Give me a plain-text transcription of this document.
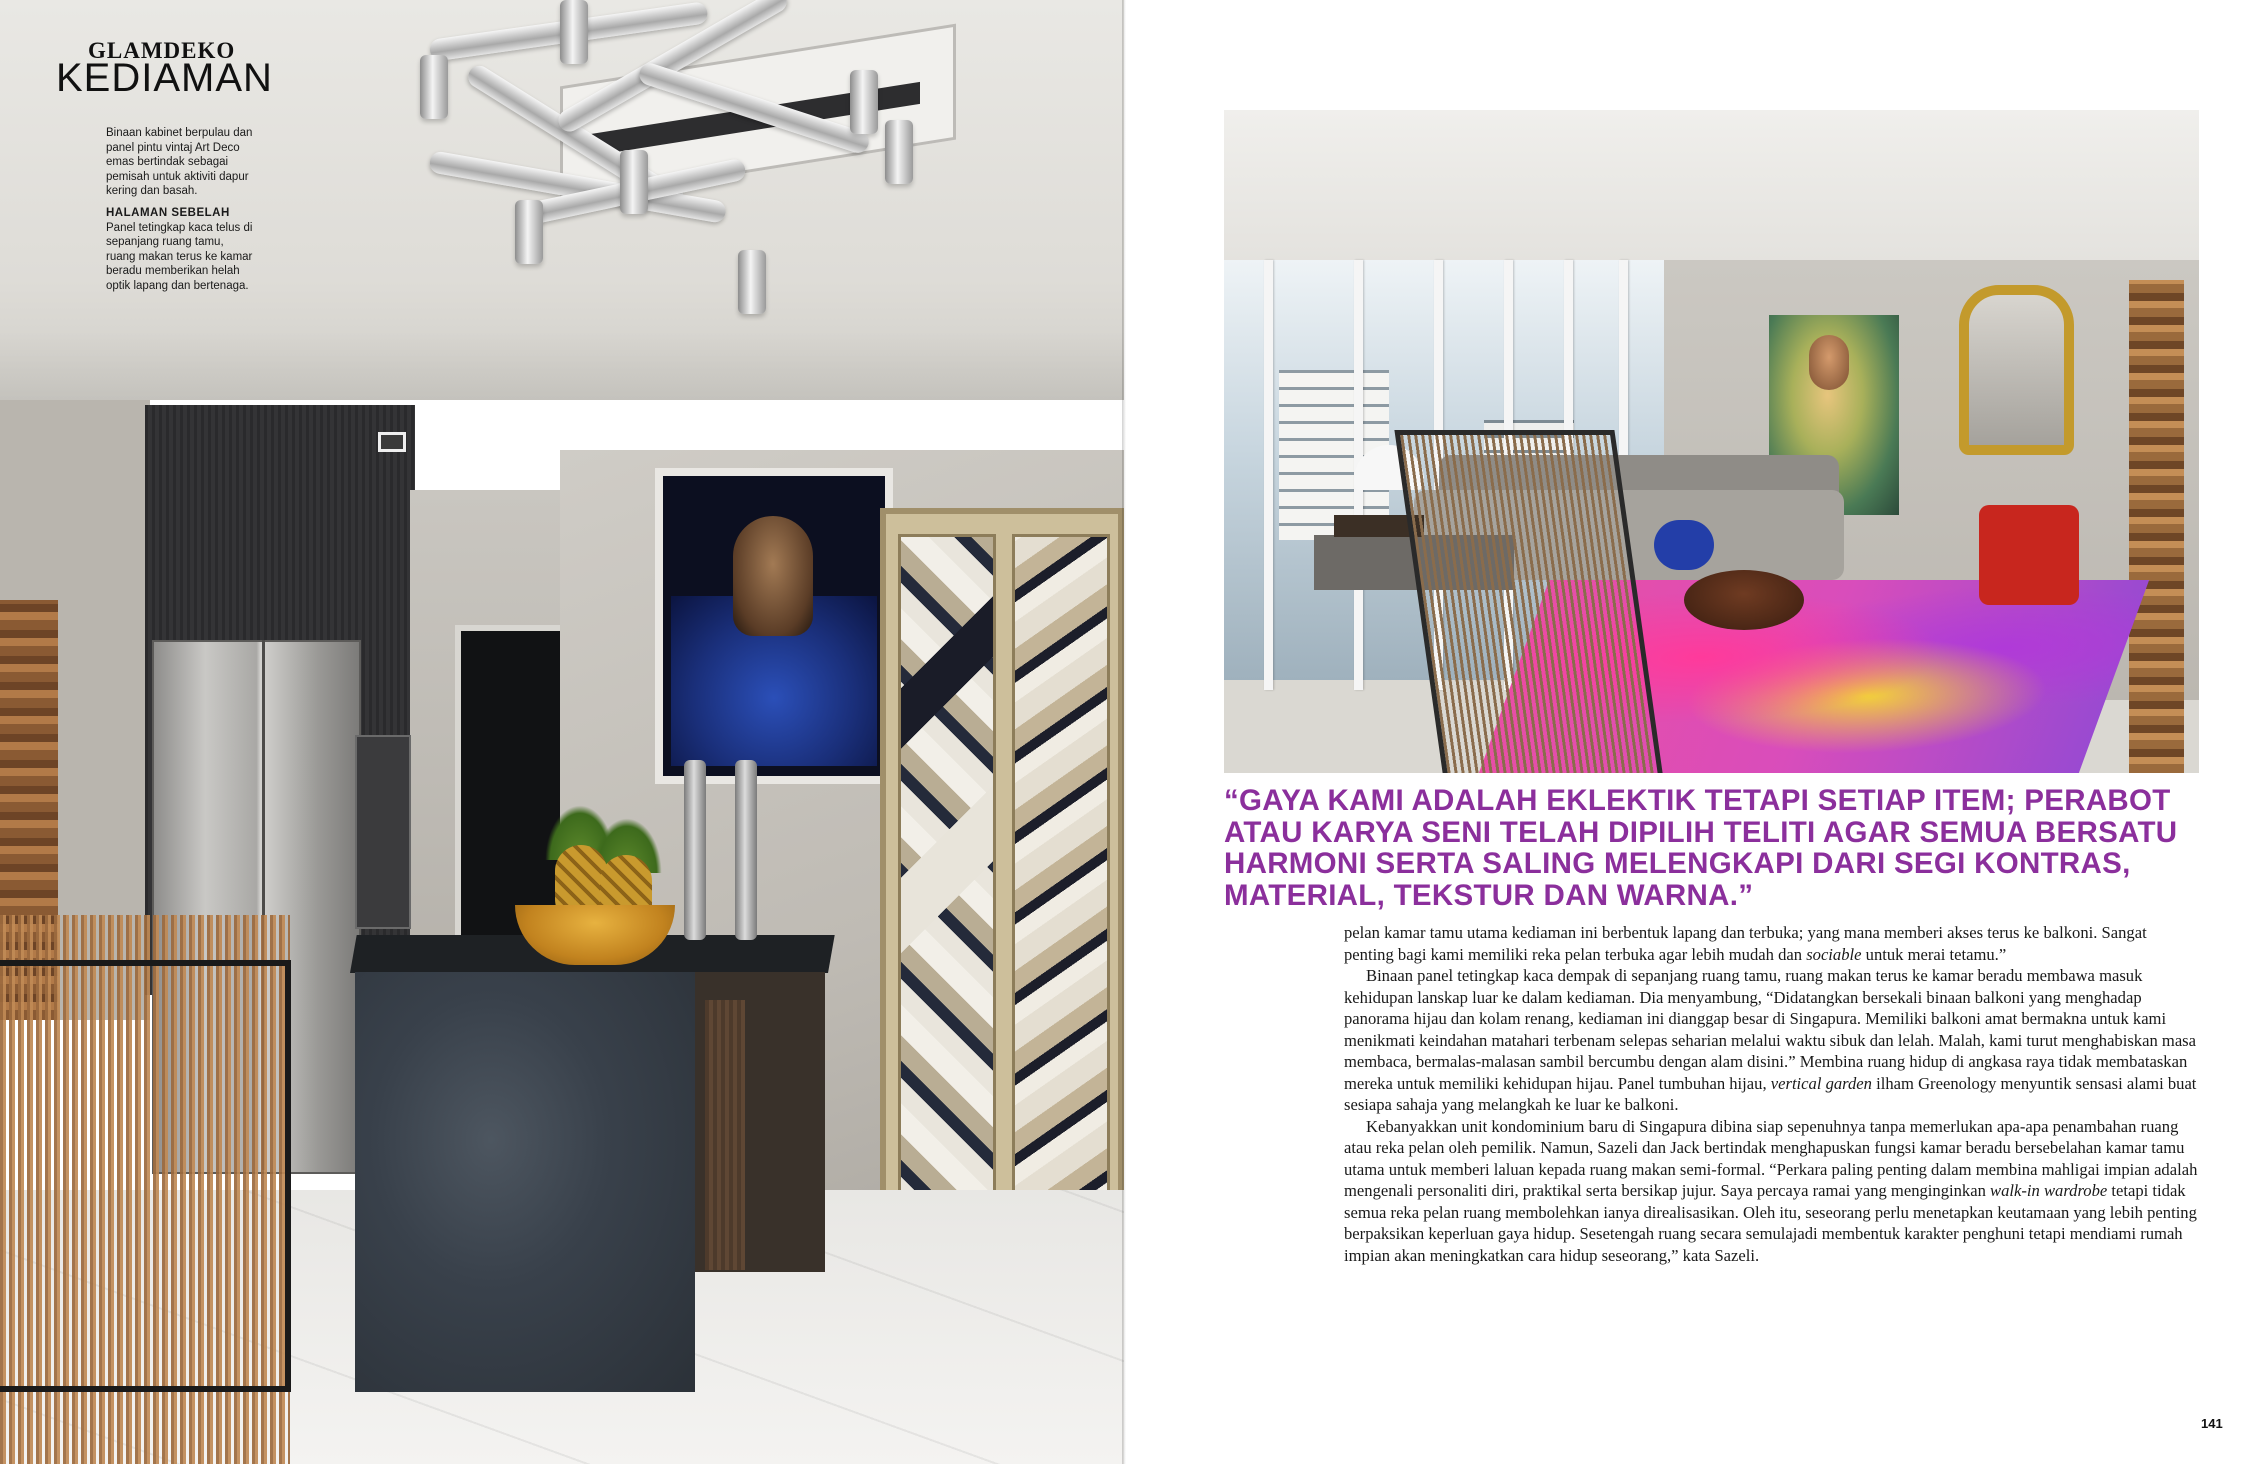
GLAMDEKO
KEDIAMAN

Binaan kabinet berpulau dan panel pintu vintaj Art Deco emas bertindak sebagai pemisah untuk aktiviti dapur kering dan basah.

HALAMAN SEBELAH
Panel tetingkap kaca telus di sepanjang ruang tamu, ruang makan terus ke kamar beradu memberikan helah optik lapang dan bertenaga.

“GAYA KAMI ADALAH EKLEKTIK TETAPI SETIAP ITEM; PERABOT ATAU KARYA SENI TELAH DIPILIH TELITI AGAR SEMUA BERSATU HARMONI SERTA SALING MELENGKAPI DARI SEGI KONTRAS, MATERIAL, TEKSTUR DAN WARNA.”

pelan kamar tamu utama kediaman ini berbentuk lapang dan terbuka; yang mana memberi akses terus ke balkoni. Sangat penting bagi kami memiliki reka pelan terbuka agar lebih mudah dan sociable untuk merai tetamu.”

Binaan panel tetingkap kaca dempak di sepanjang ruang tamu, ruang makan terus ke kamar beradu membawa masuk kehidupan lanskap luar ke dalam kediaman. Dia menyambung, “Didatangkan bersekali binaan balkoni yang menghadap panorama hijau dan kolam renang, kediaman ini dianggap besar di Singapura. Memiliki balkoni amat bermakna untuk kami menikmati keindahan matahari terbenam selepas seharian melalui waktu sibuk dan lelah. Malah, kami turut menghabiskan masa membaca, bermalas-malasan sambil bercumbu dengan alam disini.” Membina ruang hidup di angkasa raya tidak membataskan mereka untuk memiliki kehidupan hijau. Panel tumbuhan hijau, vertical garden ilham Greenology menyuntik sensasi alami buat sesiapa sahaja yang melangkah ke luar ke balkoni.

Kebanyakkan unit kondominium baru di Singapura dibina siap sepenuhnya tanpa memerlukan apa-apa penambahan ruang atau reka pelan oleh pemilik. Namun, Sazeli dan Jack bertindak menghapuskan fungsi kamar beradu bersebelahan kamar tamu utama untuk memberi laluan kepada ruang makan semi-formal. “Perkara paling penting dalam membina mahligai impian adalah mengenali personaliti diri, praktikal serta bersikap jujur. Saya percaya ramai yang menginginkan walk-in wardrobe tetapi tidak semua reka pelan ruang membolehkan ianya direalisasikan. Oleh itu, seseorang perlu menetapkan keutamaan yang lebih penting berpaksikan keperluan gaya hidup. Sesetengah ruang secara semulajadi membentuk karakter penghuni tetapi mendiami rumah impian akan meningkatkan cara hidup seseorang,” kata Sazeli.

141
